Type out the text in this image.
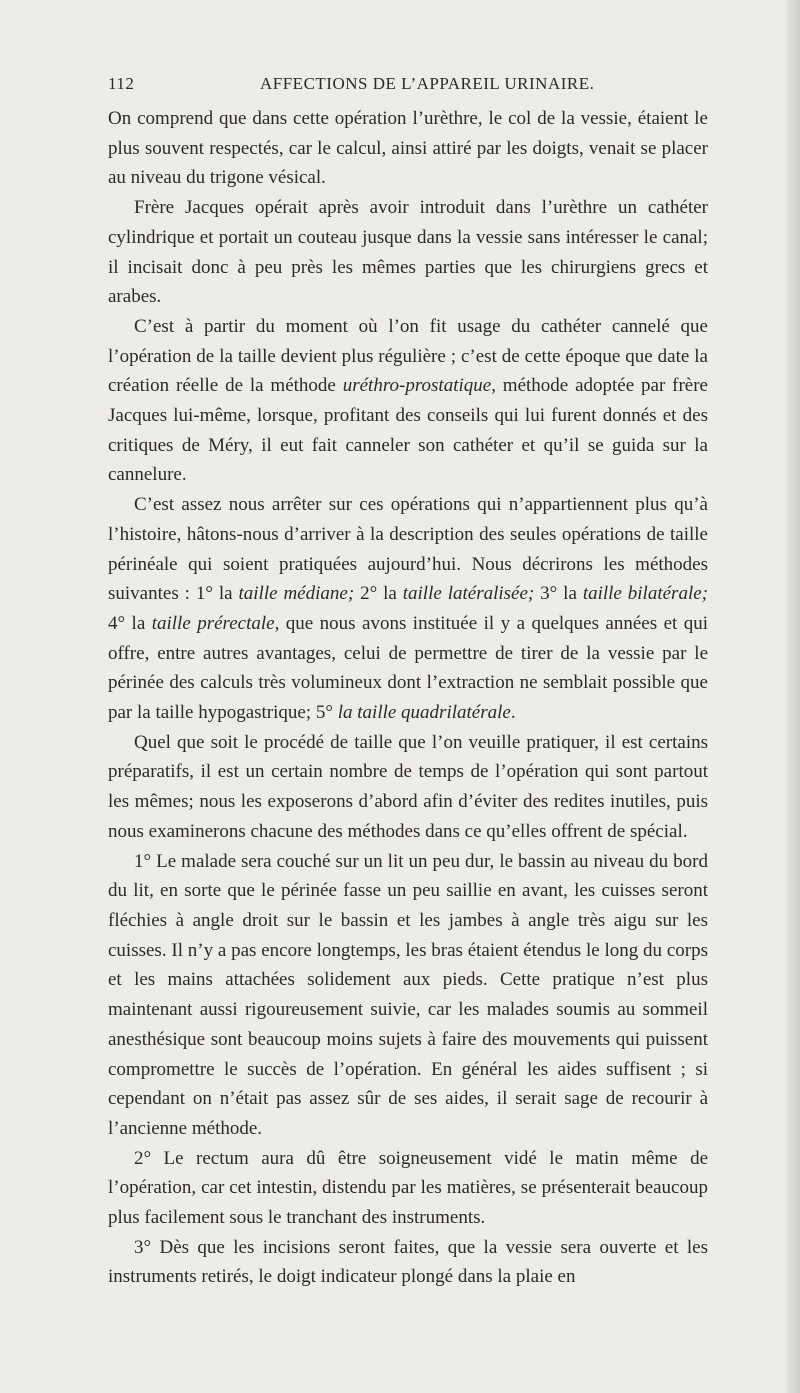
112	AFFECTIONS DE L’APPAREIL URINAIRE.

On comprend que dans cette opération l’urèthre, le col de la vessie, étaient le plus souvent respectés, car le calcul, ainsi attiré par les doigts, venait se placer au niveau du trigone vésical.

Frère Jacques opérait après avoir introduit dans l’urèthre un cathéter cylindrique et portait un couteau jusque dans la vessie sans intéresser le canal; il incisait donc à peu près les mêmes parties que les chirurgiens grecs et arabes.

C’est à partir du moment où l’on fit usage du cathéter cannelé que l’opération de la taille devient plus régulière ; c’est de cette époque que date la création réelle de la méthode uréthro-prostatique, méthode adoptée par frère Jacques lui-même, lorsque, profitant des conseils qui lui furent donnés et des critiques de Méry, il eut fait canneler son cathéter et qu’il se guida sur la cannelure.

C’est assez nous arrêter sur ces opérations qui n’appartiennent plus qu’à l’histoire, hâtons-nous d’arriver à la description des seules opérations de taille périnéale qui soient pratiquées aujourd’hui. Nous décrirons les méthodes suivantes : 1° la taille médiane; 2° la taille latéralisée; 3° la taille bilatérale; 4° la taille prérectale, que nous avons instituée il y a quelques années et qui offre, entre autres avantages, celui de permettre de tirer de la vessie par le périnée des calculs très volumineux dont l’extraction ne semblait possible que par la taille hypogastrique; 5° la taille quadrilatérale.

Quel que soit le procédé de taille que l’on veuille pratiquer, il est certains préparatifs, il est un certain nombre de temps de l’opération qui sont partout les mêmes; nous les exposerons d’abord afin d’éviter des redites inutiles, puis nous examinerons chacune des méthodes dans ce qu’elles offrent de spécial.

1° Le malade sera couché sur un lit un peu dur, le bassin au niveau du bord du lit, en sorte que le périnée fasse un peu saillie en avant, les cuisses seront fléchies à angle droit sur le bassin et les jambes à angle très aigu sur les cuisses. Il n’y a pas encore longtemps, les bras étaient étendus le long du corps et les mains attachées solidement aux pieds. Cette pratique n’est plus maintenant aussi rigoureusement suivie, car les malades soumis au sommeil anesthésique sont beaucoup moins sujets à faire des mouvements qui puissent compromettre le succès de l’opération. En général les aides suffisent ; si cependant on n’était pas assez sûr de ses aides, il serait sage de recourir à l’ancienne méthode.

2° Le rectum aura dû être soigneusement vidé le matin même de l’opération, car cet intestin, distendu par les matières, se présenterait beaucoup plus facilement sous le tranchant des instruments.

3° Dès que les incisions seront faites, que la vessie sera ouverte et les instruments retirés, le doigt indicateur plongé dans la plaie en
